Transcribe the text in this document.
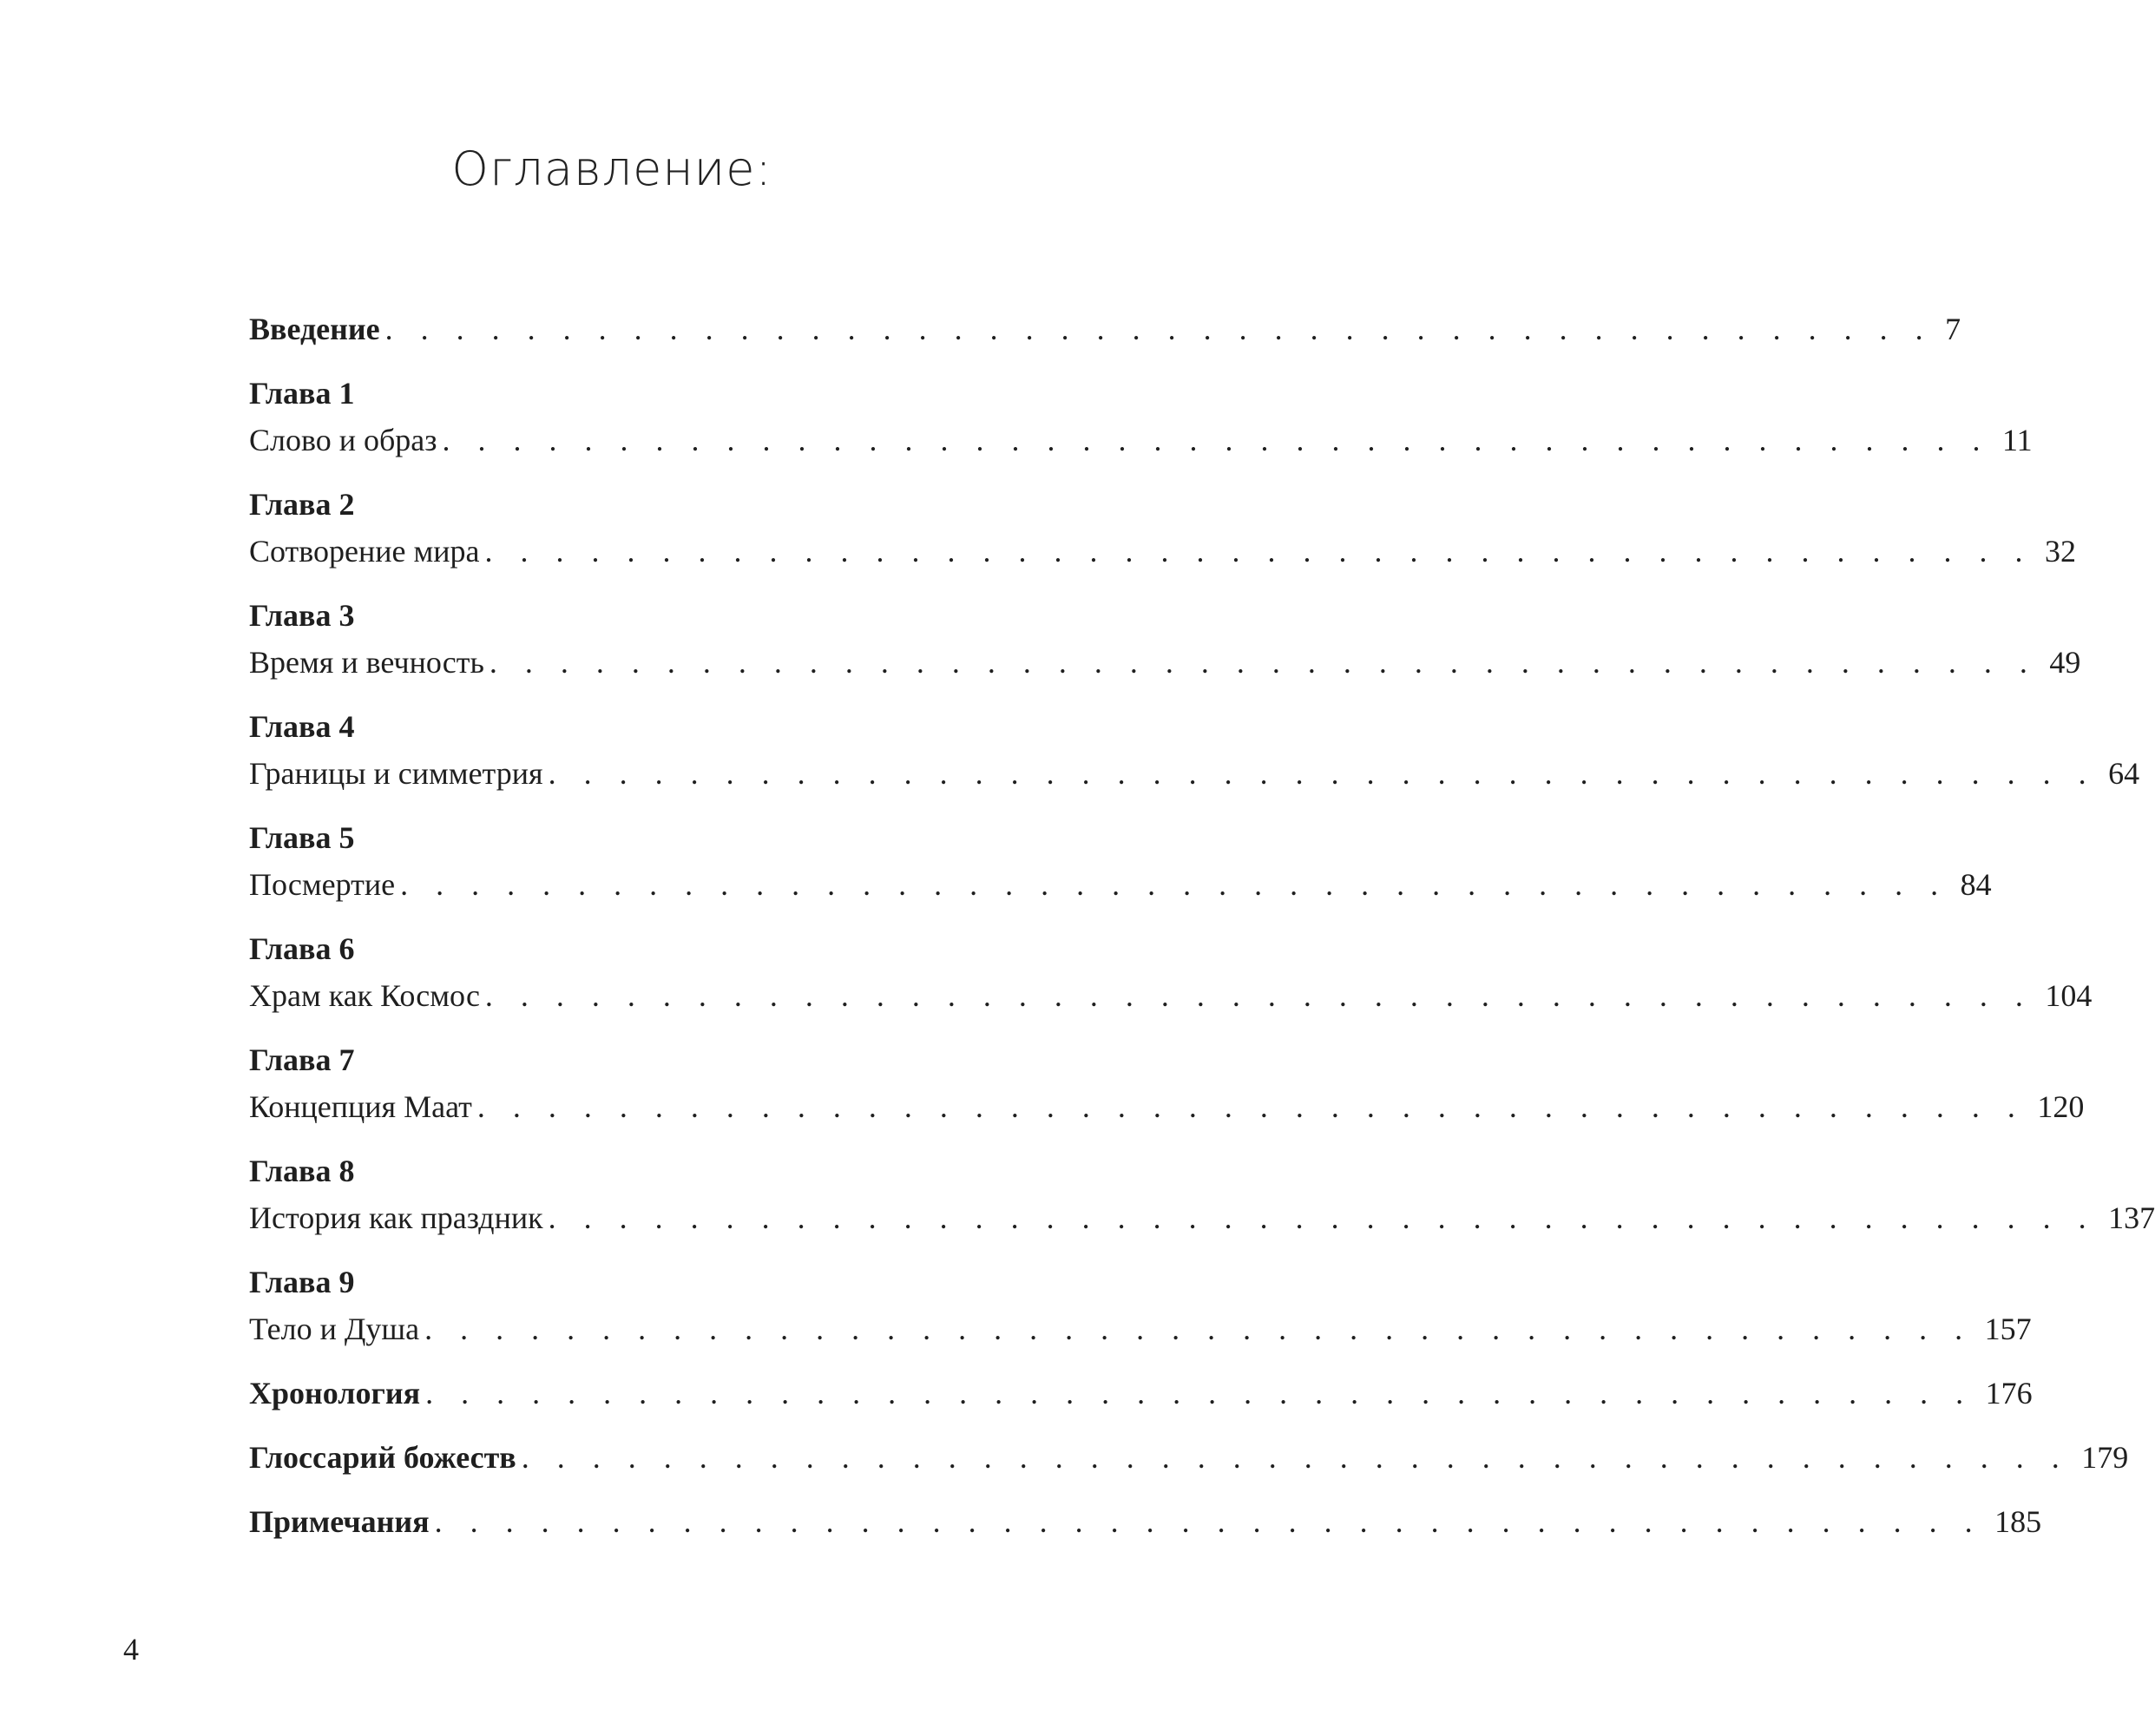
Оглавление:
Введение . . . . . . . . . . . . . . . . . . . . . . . . . . . . . . . . . . . . . . . . . . . . 7
Глава 1
Слово и образ . . . . . . . . . . . . . . . . . . . . . . . . . . . . . . . . . . . . . . . . . . . . 11
Глава 2
Сотворение мира . . . . . . . . . . . . . . . . . . . . . . . . . . . . . . . . . . . . . . . . . . . . 32
Глава 3
Время и вечность . . . . . . . . . . . . . . . . . . . . . . . . . . . . . . . . . . . . . . . . . . . . 49
Глава 4
Границы и симметрия . . . . . . . . . . . . . . . . . . . . . . . . . . . . . . . . . . . . . . . . . . . . 64
Глава 5
Посмертие . . . . . . . . . . . . . . . . . . . . . . . . . . . . . . . . . . . . . . . . . . . . 84
Глава 6
Храм как Космос . . . . . . . . . . . . . . . . . . . . . . . . . . . . . . . . . . . . . . . . . . . . 104
Глава 7
Концепция Маат . . . . . . . . . . . . . . . . . . . . . . . . . . . . . . . . . . . . . . . . . . . . 120
Глава 8
История как праздник . . . . . . . . . . . . . . . . . . . . . . . . . . . . . . . . . . . . . . . . . . . . 137
Глава 9
Тело и Душа . . . . . . . . . . . . . . . . . . . . . . . . . . . . . . . . . . . . . . . . . . . . 157
Хронология . . . . . . . . . . . . . . . . . . . . . . . . . . . . . . . . . . . . . . . . . . . . 176
Глоссарий божеств . . . . . . . . . . . . . . . . . . . . . . . . . . . . . . . . . . . . . . . . . . . . 179
Примечания . . . . . . . . . . . . . . . . . . . . . . . . . . . . . . . . . . . . . . . . . . . . 185
4
